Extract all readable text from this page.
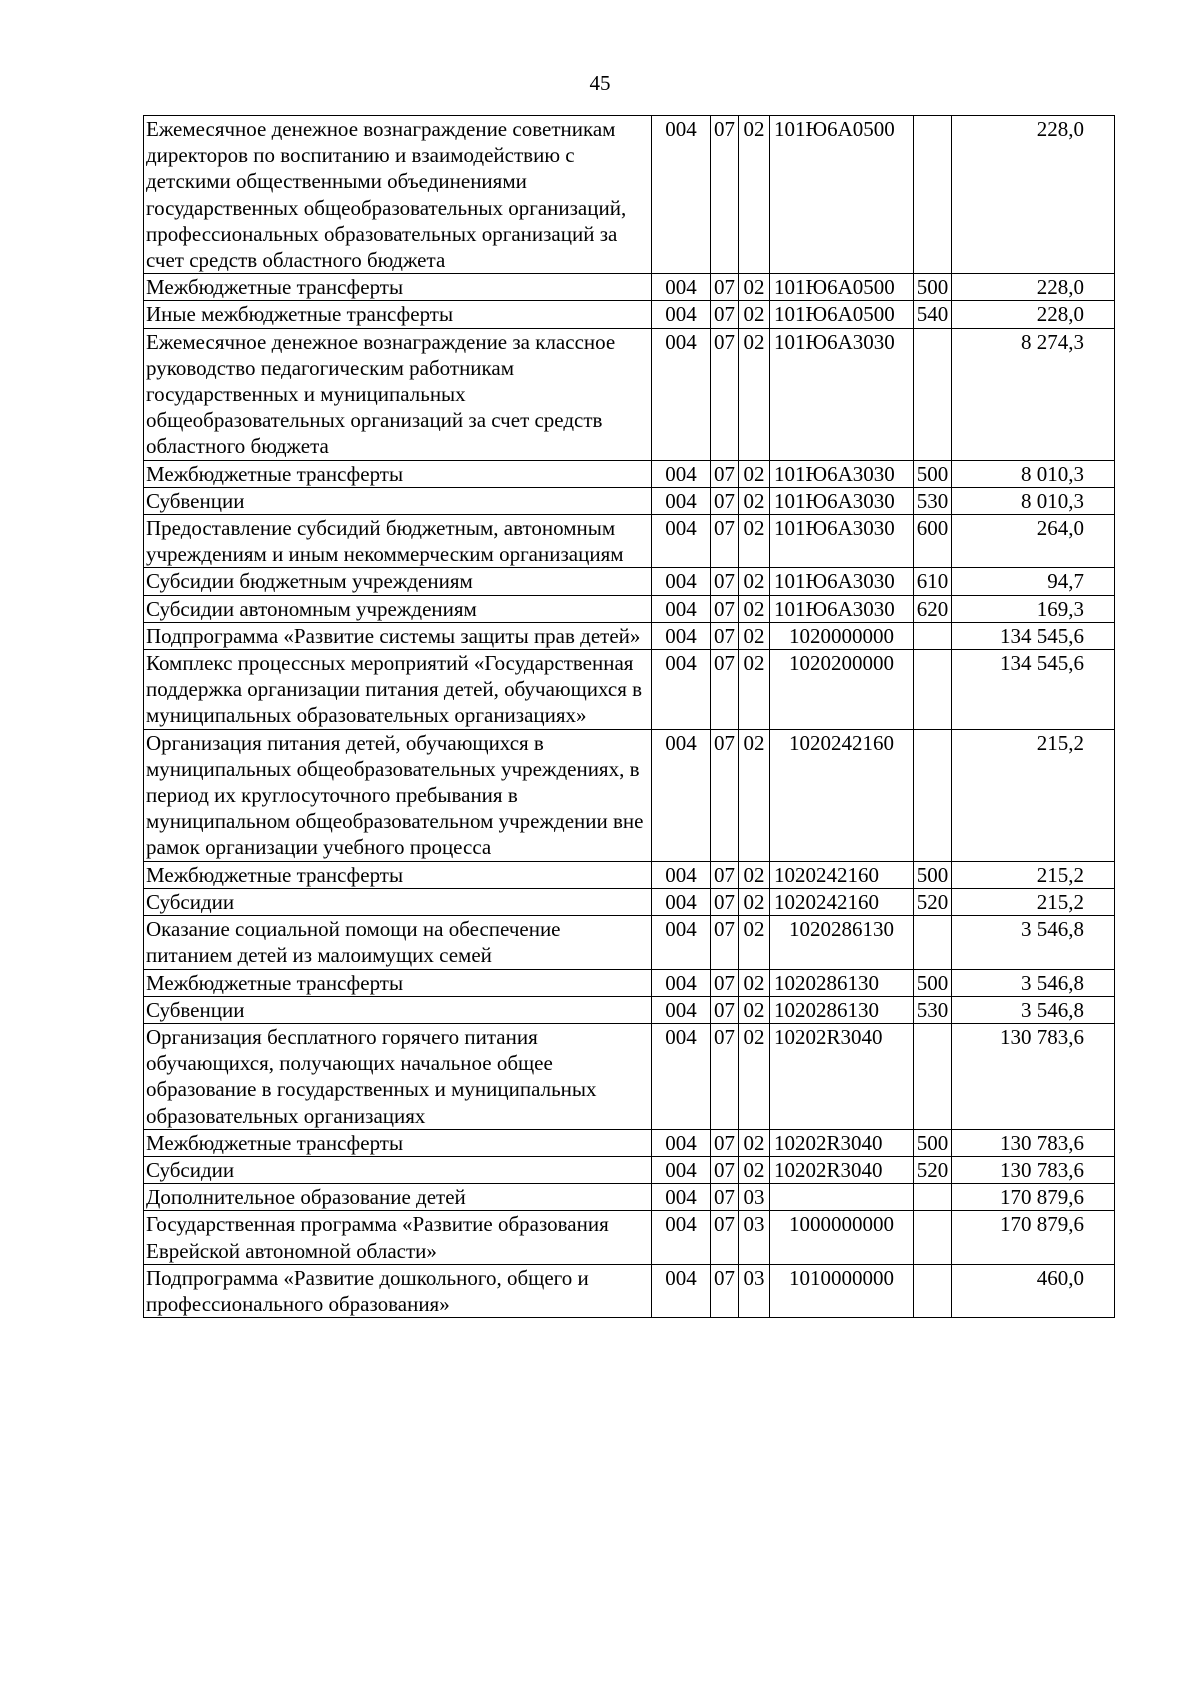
45
Ежемесячное денежное вознаграждение советникам директоров по воспитанию и взаимодействию с детскими общественными объединениями государственных общеобразовательных организаций, профессиональных образовательных организаций за счет средств областного бюджета	004	07	02	101Ю6А0500		228,0
Межбюджетные трансферты	004	07	02	101Ю6А0500	500	228,0
Иные межбюджетные трансферты	004	07	02	101Ю6А0500	540	228,0
Ежемесячное денежное вознаграждение за классное руководство педагогическим работникам государственных и муниципальных общеобразовательных организаций за счет средств областного бюджета	004	07	02	101Ю6А3030		8 274,3
Межбюджетные трансферты	004	07	02	101Ю6А3030	500	8 010,3
Субвенции	004	07	02	101Ю6А3030	530	8 010,3
Предоставление субсидий бюджетным, автономным учреждениям и иным некоммерческим организациям	004	07	02	101Ю6А3030	600	264,0
Субсидии бюджетным учреждениям	004	07	02	101Ю6А3030	610	94,7
Субсидии автономным учреждениям	004	07	02	101Ю6А3030	620	169,3
Подпрограмма «Развитие системы защиты прав детей»	004	07	02	1020000000		134 545,6
Комплекс процессных мероприятий «Государственная поддержка организации питания детей, обучающихся в муниципальных образовательных организациях»	004	07	02	1020200000		134 545,6
Организация питания детей, обучающихся в муниципальных общеобразовательных учреждениях, в период их круглосуточного пребывания в муниципальном общеобразовательном учреждении вне рамок организации учебного процесса	004	07	02	1020242160		215,2
Межбюджетные трансферты	004	07	02	1020242160	500	215,2
Субсидии	004	07	02	1020242160	520	215,2
Оказание социальной помощи на обеспечение питанием детей из малоимущих семей	004	07	02	1020286130		3 546,8
Межбюджетные трансферты	004	07	02	1020286130	500	3 546,8
Субвенции	004	07	02	1020286130	530	3 546,8
Организация бесплатного горячего питания обучающихся, получающих начальное общее образование в государственных и муниципальных образовательных организациях	004	07	02	10202R3040		130 783,6
Межбюджетные трансферты	004	07	02	10202R3040	500	130 783,6
Субсидии	004	07	02	10202R3040	520	130 783,6
Дополнительное образование детей	004	07	03			170 879,6
Государственная программа «Развитие образования Еврейской автономной области»	004	07	03	1000000000		170 879,6
Подпрограмма «Развитие дошкольного, общего и профессионального образования»	004	07	03	1010000000		460,0
